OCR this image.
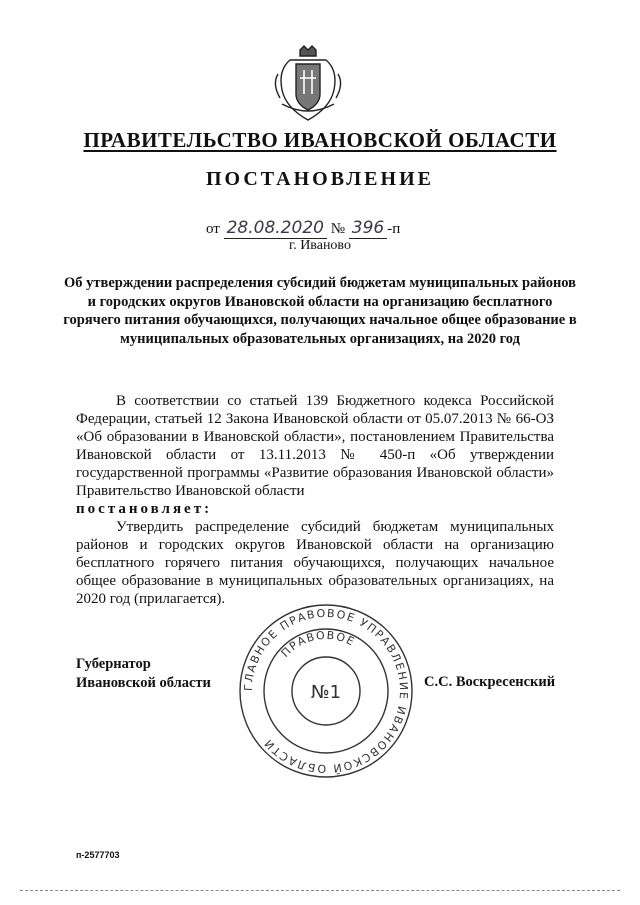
ПРАВИТЕЛЬСТВО ИВАНОВСКОЙ ОБЛАСТИ
ПОСТАНОВЛЕНИЕ
от 28.08.2020 № 396 -п
г. Иваново
Об утверждении распределения субсидий бюджетам муниципальных районов и городских округов Ивановской области на организацию бесплатного горячего питания обучающихся, получающих начальное общее образование в муниципальных образовательных организациях, на 2020 год

В соответствии со статьей 139 Бюджетного кодекса Российской Федерации, статьей 12 Закона Ивановской области от 05.07.2013 № 66-ОЗ «Об образовании в Ивановской области», постановлением Правительства Ивановской области от 13.11.2013 № 450-п «Об утверждении государственной программы «Развитие образования Ивановской области» Правительство Ивановской области

постановляет:

Утвердить распределение субсидий бюджетам муниципальных районов и городских округов Ивановской области на организацию бесплатного горячего питания обучающихся, получающих начальное общее образование в муниципальных образовательных организациях, на 2020 год (прилагается).

Губернатор
Ивановской области	С.С. Воскресенский
ГЛАВНОЕ ПРАВОВОЕ УПРАВЛЕНИЕ ИВАНОВСКОЙ ОБЛАСТИ
ПРАВОВОЕ
№1
п-2577703
